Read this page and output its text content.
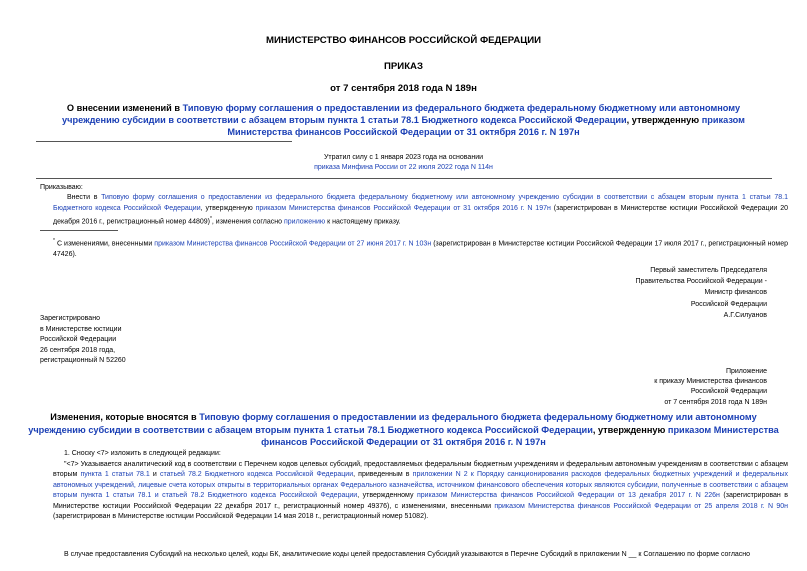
МИНИСТЕРСТВО ФИНАНСОВ РОССИЙСКОЙ ФЕДЕРАЦИИ
ПРИКАЗ
от 7 сентября 2018 года N 189н
О внесении изменений в Типовую форму соглашения о предоставлении из федерального бюджета федеральному бюджетному или автономному учреждению субсидии в соответствии с абзацем вторым пункта 1 статьи 78.1 Бюджетного кодекса Российской Федерации, утвержденную приказом Министерства финансов Российской Федерации от 31 октября 2016 г. N 197н
Утратил силу с 1 января 2023 года на основании
приказа Минфина России от 22 июля 2022 года N 114н
Приказываю:
Внести в Типовую форму соглашения о предоставлении из федерального бюджета федеральному бюджетному или автономному учреждению субсидии в соответствии с абзацем вторым пункта 1 статьи 78.1 Бюджетного кодекса Российской Федерации, утвержденную приказом Министерства финансов Российской Федерации от 31 октября 2016 г. N 197н (зарегистрирован в Министерстве юстиции Российской Федерации 20 декабря 2016 г., регистрационный номер 44809)*, изменения согласно приложению к настоящему приказу.
* С изменениями, внесенными приказом Министерства финансов Российской Федерации от 27 июня 2017 г. N 103н (зарегистрирован в Министерстве юстиции Российской Федерации 17 июля 2017 г., регистрационный номер 47426).
Первый заместитель Председателя
Правительства Российской Федерации -
Министр финансов
Российской Федерации
А.Г.Силуанов
Зарегистрировано
в Министерстве юстиции
Российской Федерации
26 сентября 2018 года,
регистрационный N 52260
Приложение
к приказу Министерства финансов
Российской Федерации
от 7 сентября 2018 года N 189н
Изменения, которые вносятся в Типовую форму соглашения о предоставлении из федерального бюджета федеральному бюджетному или автономному учреждению субсидии в соответствии с абзацем вторым пункта 1 статьи 78.1 Бюджетного кодекса Российской Федерации, утвержденную приказом Министерства финансов Российской Федерации от 31 октября 2016 г. N 197н
1. Сноску <7> изложить в следующей редакции:
"<7> Указывается аналитический код в соответствии с Перечнем кодов целевых субсидий, предоставляемых федеральным бюджетным учреждениям и федеральным автономным учреждениям в соответствии с абзацем вторым пункта 1 статьи 78.1 и статьей 78.2 Бюджетного кодекса Российской Федерации, приведенным в приложении N 2 к Порядку санкционирования расходов федеральных бюджетных учреждений и федеральных автономных учреждений, лицевые счета которых открыты в территориальных органах Федерального казначейства, источником финансового обеспечения которых являются субсидии, полученные в соответствии с абзацем вторым пункта 1 статьи 78.1 и статьей 78.2 Бюджетного кодекса Российской Федерации, утвержденному приказом Министерства финансов Российской Федерации от 13 декабря 2017 г. N 226н (зарегистрирован в Министерстве юстиции Российской Федерации 22 декабря 2017 г., регистрационный номер 49376), с изменениями, внесенными приказом Министерства финансов Российской Федерации от 25 апреля 2018 г. N 90н (зарегистрирован в Министерстве юстиции Российской Федерации 14 мая 2018 г., регистрационный номер 51082).
В случае предоставления Субсидий на несколько целей, коды БК, аналитические коды целей предоставления Субсидий указываются в Перечне Субсидий в приложении N __ к Соглашению по форме согласно
